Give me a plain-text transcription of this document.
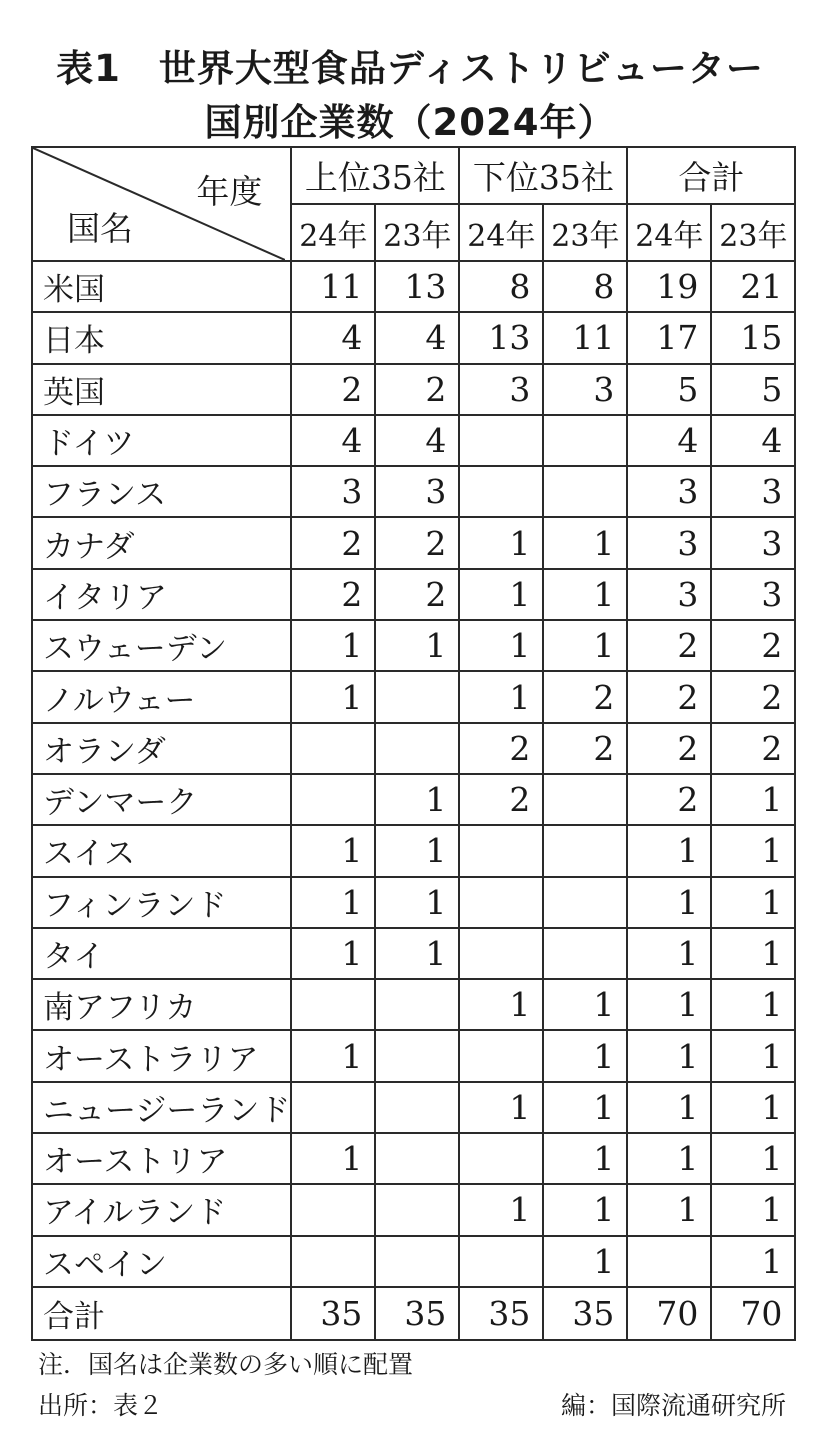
表1　世界大型食品ディストリビューター
国別企業数（2024年）
年度
国名	上位35社		下位35社		合計	
	24年	23年	24年	23年	24年	23年
米国	11	13	8	8	19	21
日本	4	4	13	11	17	15
英国	2	2	3	3	5	5
ドイツ	4	4			4	4
フランス	3	3			3	3
カナダ	2	2	1	1	3	3
イタリア	2	2	1	1	3	3
スウェーデン	1	1	1	1	2	2
ノルウェー	1		1	2	2	2
オランダ			2	2	2	2
デンマーク		1	2		2	1
スイス	1	1			1	1
フィンランド	1	1			1	1
タイ	1	1			1	1
南アフリカ			1	1	1	1
オーストラリア	1			1	1	1
ニュージーランド			1	1	1	1
オーストリア	1			1	1	1
アイルランド			1	1	1	1
スペイン				1		1
合計	35	35	35	35	70	70
注．国名は企業数の多い順に配置
出所：表２	編：国際流通研究所
